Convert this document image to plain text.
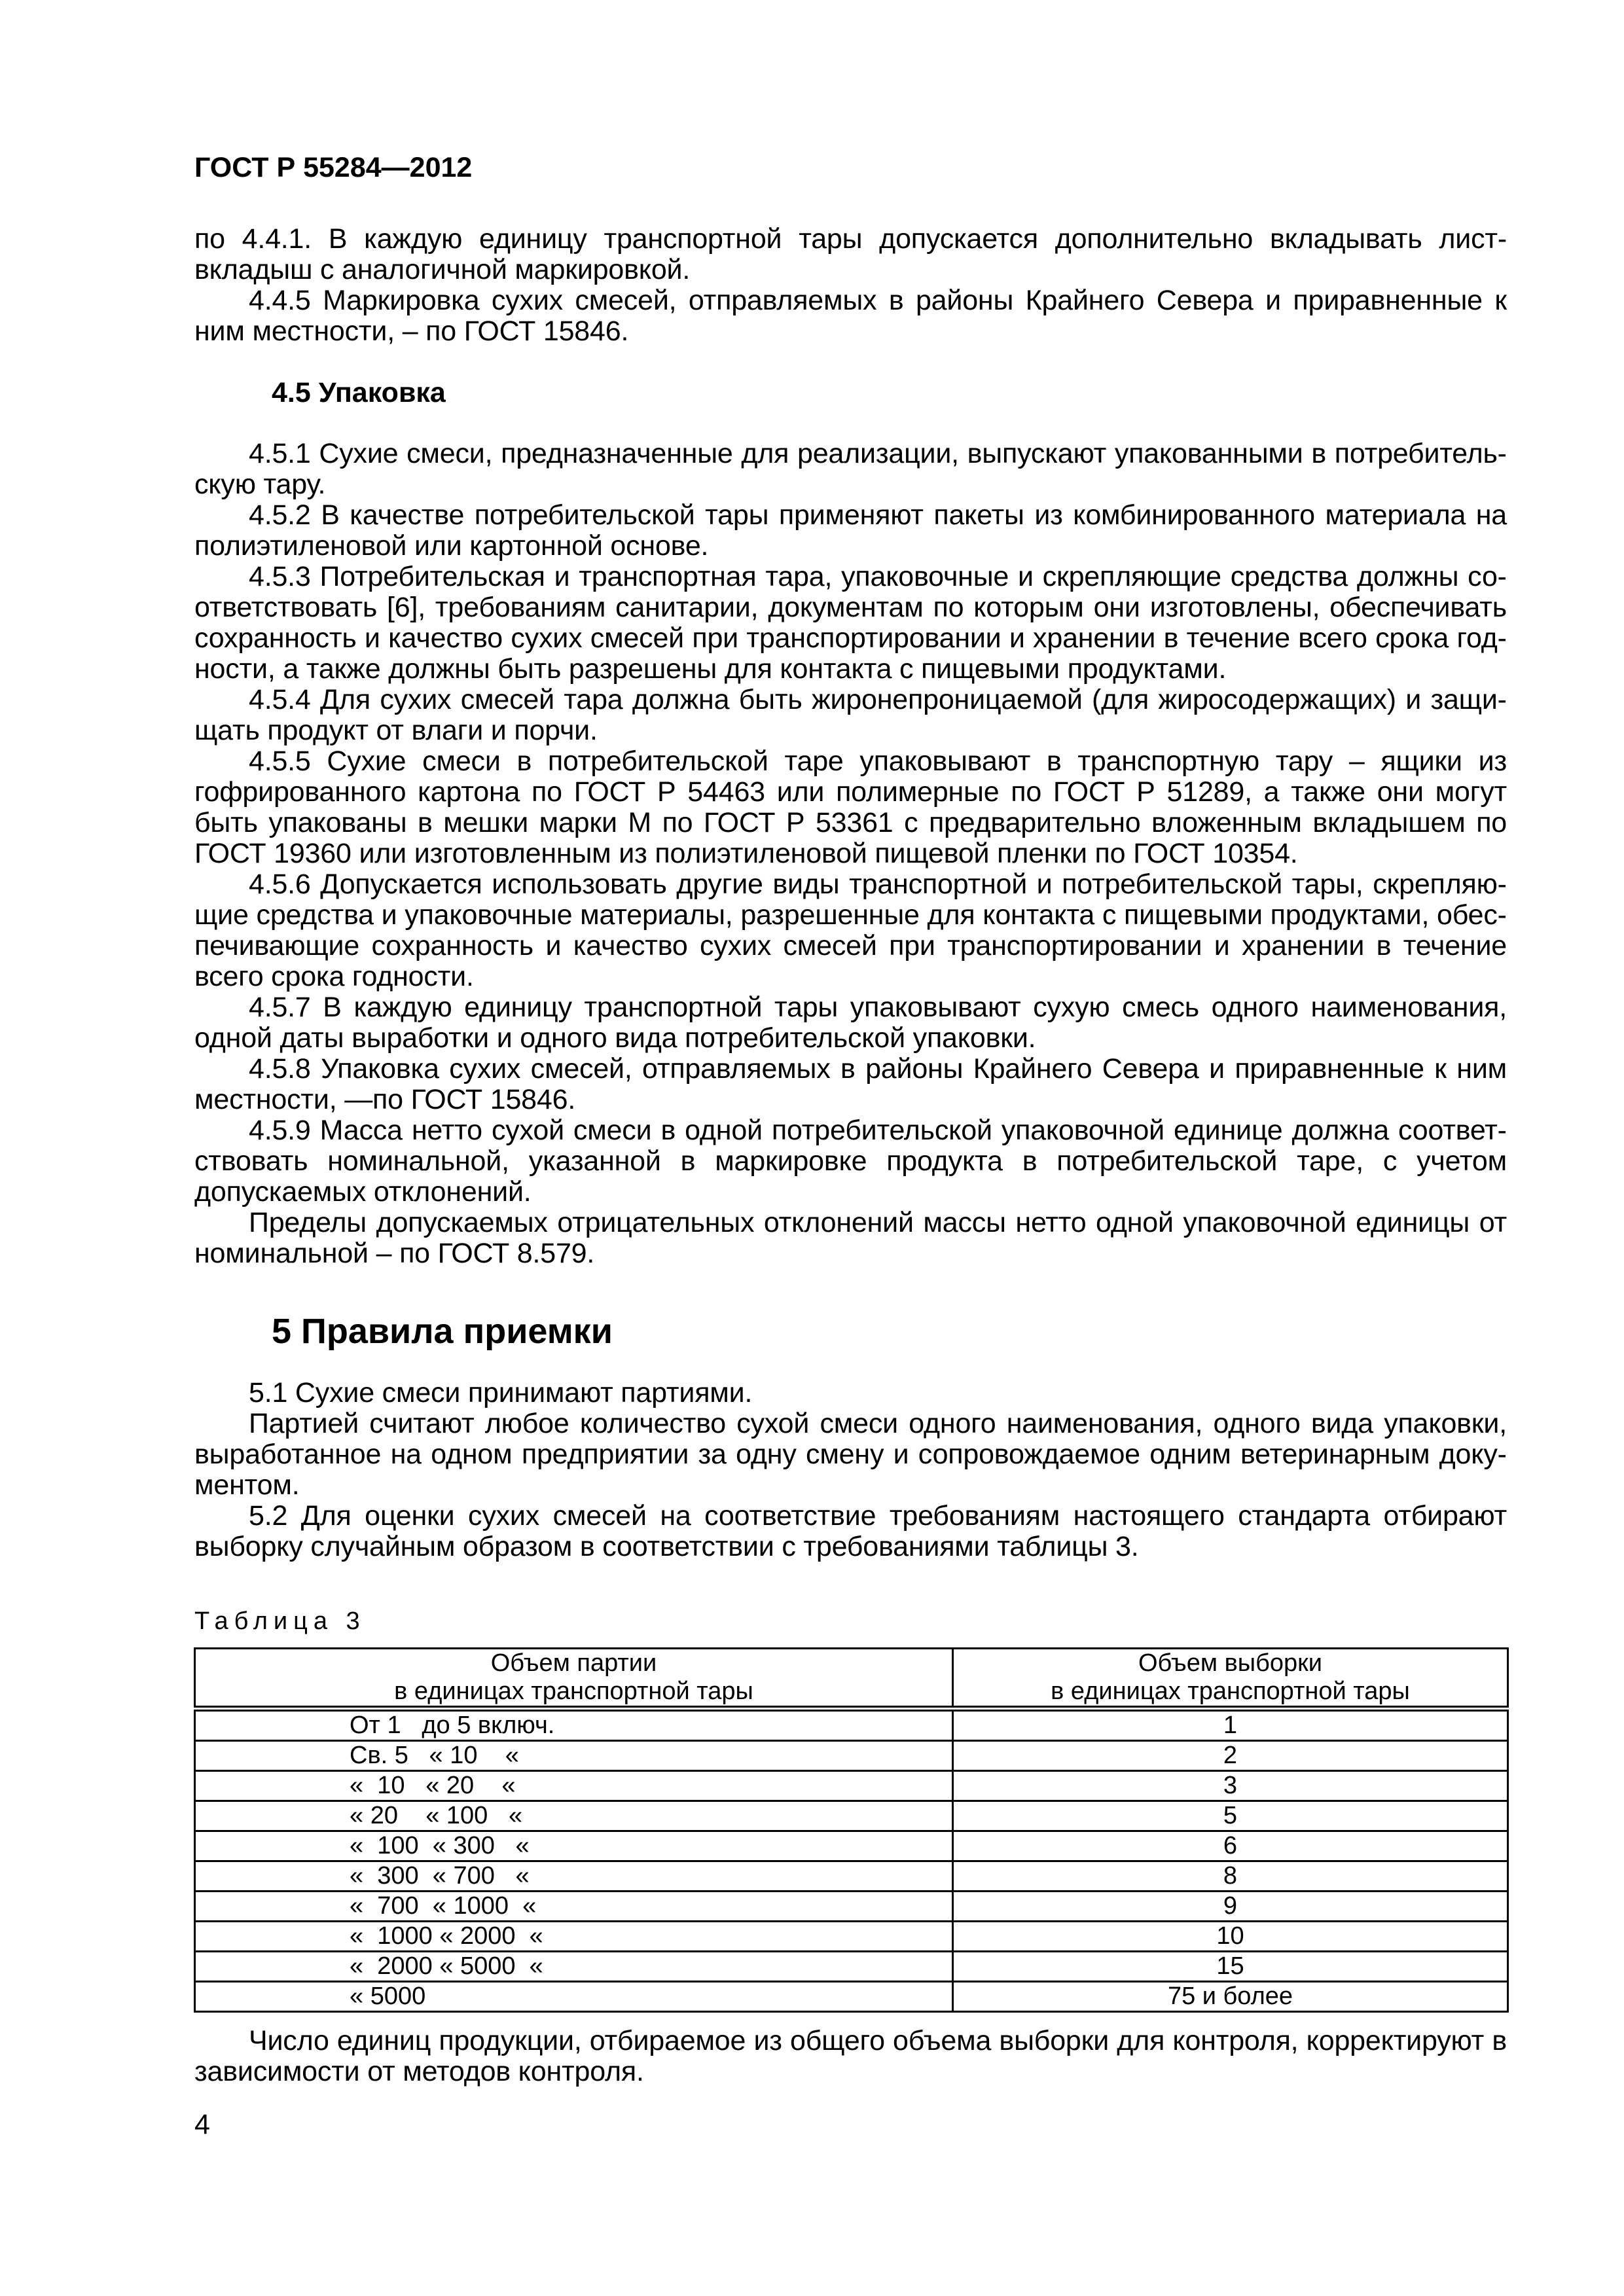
ГОСТ Р 55284—2012

по 4.4.1. В каждую единицу транспортной тары допускается дополнительно вкладывать лист-вкладыш с аналогичной маркировкой.

4.4.5 Маркировка сухих смесей, отправляемых в районы Крайнего Севера и приравненные к ним местности, – по ГОСТ 15846.

4.5 Упаковка

4.5.1 Сухие смеси, предназначенные для реализации, выпускают упакованными в потребительскую тару.

4.5.2 В качестве потребительской тары применяют пакеты из комбинированного материала на полиэтиленовой или картонной основе.

4.5.3 Потребительская и транспортная тара, упаковочные и скрепляющие средства должны соответствовать [6], требованиям санитарии, документам по которым они изготовлены, обеспечивать сохранность и качество сухих смесей при транспортировании и хранении в течение всего срока годности, а также должны быть разрешены для контакта с пищевыми продуктами.

4.5.4 Для сухих смесей тара должна быть жиронепроницаемой (для жиросодержащих) и защищать продукт от влаги и порчи.

4.5.5 Сухие смеси в потребительской таре упаковывают в транспортную тару – ящики из гофрированного картона по ГОСТ Р 54463 или полимерные по ГОСТ Р 51289, а также они могут быть упакованы в мешки марки М по ГОСТ Р 53361 с предварительно вложенным вкладышем по ГОСТ 19360 или изготовленным из полиэтиленовой пищевой пленки по ГОСТ 10354.

4.5.6 Допускается использовать другие виды транспортной и потребительской тары, скрепляющие средства и упаковочные материалы, разрешенные для контакта с пищевыми продуктами, обеспечивающие сохранность и качество сухих смесей при транспортировании и хранении в течение всего срока годности.

4.5.7 В каждую единицу транспортной тары упаковывают сухую смесь одного наименования, одной даты выработки и одного вида потребительской упаковки.

4.5.8 Упаковка сухих смесей, отправляемых в районы Крайнего Севера и приравненные к ним местности, —по ГОСТ 15846.

4.5.9 Масса нетто сухой смеси в одной потребительской упаковочной единице должна соответствовать номинальной, указанной в маркировке продукта в потребительской таре, с учетом допускаемых отклонений.

Пределы допускаемых отрицательных отклонений массы нетто одной упаковочной единицы от номинальной – по ГОСТ 8.579.

5 Правила приемки

5.1 Сухие смеси принимают партиями.

Партией считают любое количество сухой смеси одного наименования, одного вида упаковки, выработанное на одном предприятии за одну смену и сопровождаемое одним ветеринарным документом.

5.2 Для оценки сухих смесей на соответствие требованиям настоящего стандарта отбирают выборку случайным образом в соответствии с требованиями таблицы 3.

Таблица 3
Объем партии
в единицах транспортной тары

Объем выборки
в единицах транспортной тары

От 1   до 5 включ.	1
Св. 5   « 10    «	2
«  10   « 20    «	3
« 20    « 100   «	5
«  100  « 300   «	6
«  300  « 700   «	8
«  700  « 1000  «	9
«  1000 « 2000  «	10
«  2000 « 5000  «	15
« 5000	75 и более

Число единиц продукции, отбираемое из общего объема выборки для контроля, корректируют в зависимости от методов контроля.

4
